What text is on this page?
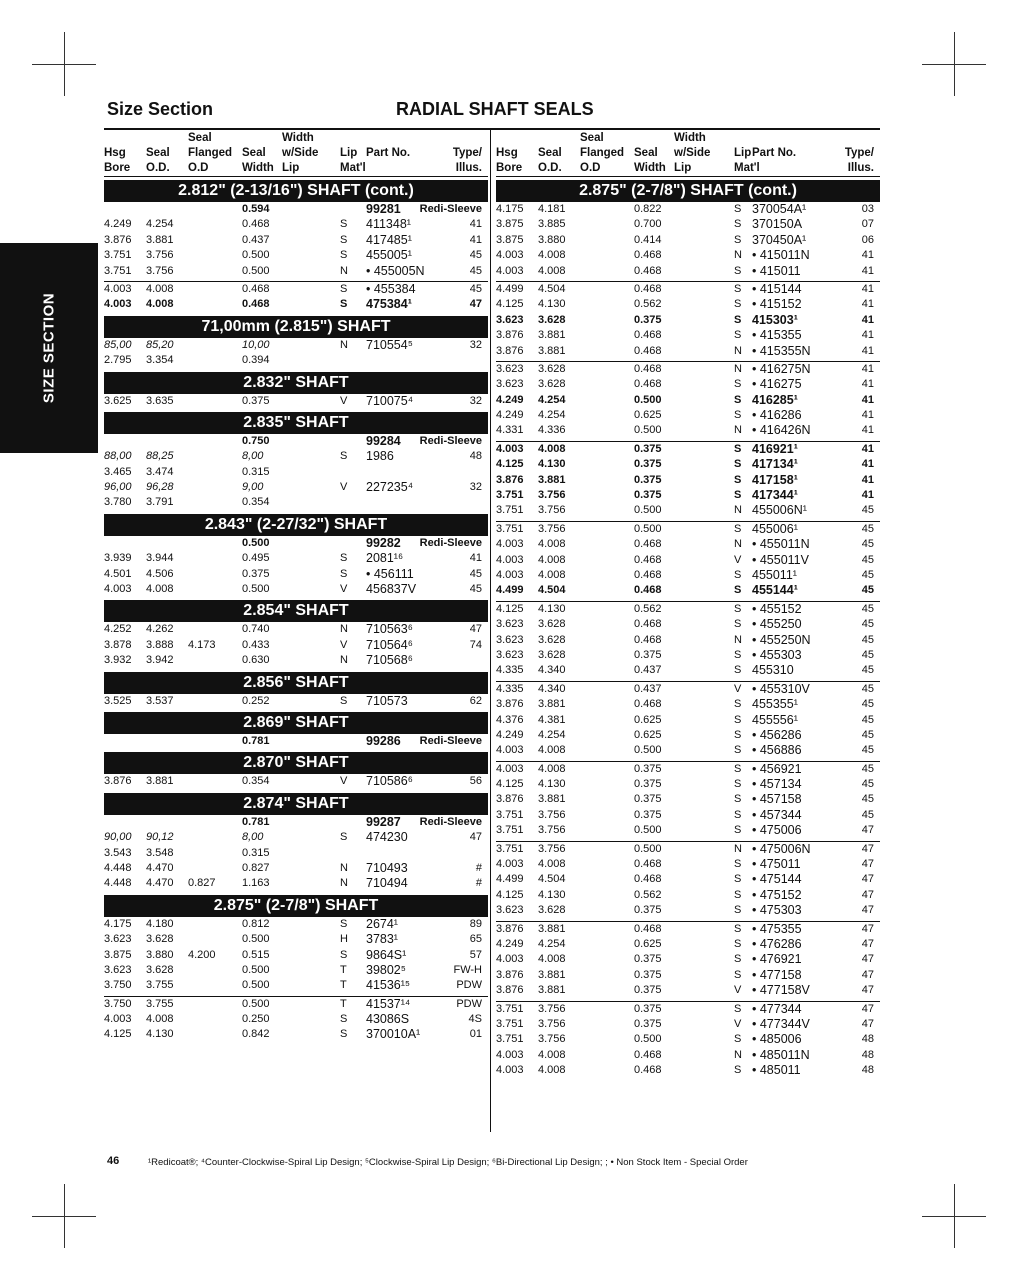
SIZE SECTION
Size Section	RADIAL SHAFT SEALS
Seal	Width
Hsg Seal Flanged Seal w/Side Lip Part No.	Type/
Bore O.D. O.D	Width Lip	Mat'l	Illus.
2.812" (2-13/16") SHAFT (cont.)
0.594	99281 Redi-Sleeve
4.249 4.254	0.468	S 411348¹	41
3.876 3.881	0.437	S 417485¹	41
3.751 3.756	0.500	S 455005¹	45
3.751 3.756	0.500	N • 455005N	45
4.003 4.008	0.468	S • 455384	45
4.003 4.008	0.468	S 475384¹	47
71,00mm (2.815") SHAFT
85,00 85,20	10,00	N 710554⁵	32
2.795 3.354	0.394
2.832" SHAFT
3.625 3.635	0.375	V 710075⁴	32
2.835" SHAFT
0.750	99284 Redi-Sleeve
88,00 88,25	8,00	S 1986	48
3.465 3.474	0.315
96,00 96,28	9,00	V 227235⁴	32
3.780 3.791	0.354
2.843" (2-27/32") SHAFT
0.500	99282 Redi-Sleeve
3.939 3.944	0.495	S 2081¹⁶	41
4.501 4.506	0.375	S • 456111	45
4.003 4.008	0.500	V 456837V	45
2.854" SHAFT
4.252 4.262	0.740	N 710563⁶	47
3.878 3.888 4.173 0.433	V 710564⁶	74
3.932 3.942	0.630	N 710568⁶
2.856" SHAFT
3.525 3.537	0.252	S 710573	62
2.869" SHAFT
0.781	99286 Redi-Sleeve
2.870" SHAFT
3.876 3.881	0.354	V 710586⁶	56
2.874" SHAFT
0.781	99287 Redi-Sleeve
90,00 90,12	8,00	S 474230	47
3.543 3.548	0.315
4.448 4.470	0.827	N 710493	#
4.448 4.470 0.827 1.163	N 710494	#
2.875" (2-7/8") SHAFT
4.175 4.180	0.812	S 2674¹	89
3.623 3.628	0.500	H 3783¹	65
3.875 3.880 4.200 0.515	S 9864S¹	57
3.623 3.628	0.500	T 39802⁵	FW-H
3.750 3.755	0.500	T 41536¹⁵	PDW
3.750 3.755	0.500	T 41537¹⁴	PDW
4.003 4.008	0.250	S 43086S	4S
4.125 4.130	0.842	S 370010A¹	01
Seal	Width
Hsg Seal Flanged Seal w/Side Lip Part No.	Type/
Bore O.D. O.D	Width Lip	Mat'l	Illus.
2.875" (2-7/8") SHAFT (cont.)
4.175 4.181	0.822	S 370054A¹	03
3.875 3.885	0.700	S 370150A	07
3.875 3.880	0.414	S 370450A¹	06
4.003 4.008	0.468	N • 415011N	41
4.003 4.008	0.468	S • 415011	41
4.499 4.504	0.468	S • 415144	41
4.125 4.130	0.562	S • 415152	41
3.623 3.628	0.375	S 415303¹	41
3.876 3.881	0.468	S • 415355	41
3.876 3.881	0.468	N • 415355N	41
3.623 3.628	0.468	N • 416275N	41
3.623 3.628	0.468	S • 416275	41
4.249 4.254	0.500	S 416285¹	41
4.249 4.254	0.625	S • 416286	41
4.331 4.336	0.500	N • 416426N	41
4.003 4.008	0.375	S 416921¹	41
4.125 4.130	0.375	S 417134¹	41
3.876 3.881	0.375	S 417158¹	41
3.751 3.756	0.375	S 417344¹	41
3.751 3.756	0.500	N 455006N¹	45
3.751 3.756	0.500	S 455006¹	45
4.003 4.008	0.468	N • 455011N	45
4.003 4.008	0.468	V • 455011V	45
4.003 4.008	0.468	S 455011¹	45
4.499 4.504	0.468	S 455144¹	45
4.125 4.130	0.562	S • 455152	45
3.623 3.628	0.468	S • 455250	45
3.623 3.628	0.468	N • 455250N	45
3.623 3.628	0.375	S • 455303	45
4.335 4.340	0.437	S 455310	45
4.335 4.340	0.437	V • 455310V	45
3.876 3.881	0.468	S 455355¹	45
4.376 4.381	0.625	S 455556¹	45
4.249 4.254	0.625	S • 456286	45
4.003 4.008	0.500	S • 456886	45
4.003 4.008	0.375	S • 456921	45
4.125 4.130	0.375	S • 457134	45
3.876 3.881	0.375	S • 457158	45
3.751 3.756	0.375	S • 457344	45
3.751 3.756	0.500	S • 475006	47
3.751 3.756	0.500	N • 475006N	47
4.003 4.008	0.468	S • 475011	47
4.499 4.504	0.468	S • 475144	47
4.125 4.130	0.562	S • 475152	47
3.623 3.628	0.375	S • 475303	47
3.876 3.881	0.468	S • 475355	47
4.249 4.254	0.625	S • 476286	47
4.003 4.008	0.375	S • 476921	47
3.876 3.881	0.375	S • 477158	47
3.876 3.881	0.375	V • 477158V	47
3.751 3.756	0.375	S • 477344	47
3.751 3.756	0.375	V • 477344V	47
3.751 3.756	0.500	S • 485006	48
4.003 4.008	0.468	N • 485011N	48
4.003 4.008	0.468	S • 485011	48
46	¹Redicoat®; ⁴Counter-Clockwise-Spiral Lip Design; ⁵Clockwise-Spiral Lip Design; ⁶Bi-Directional Lip Design; ; • Non Stock Item - Special Order
